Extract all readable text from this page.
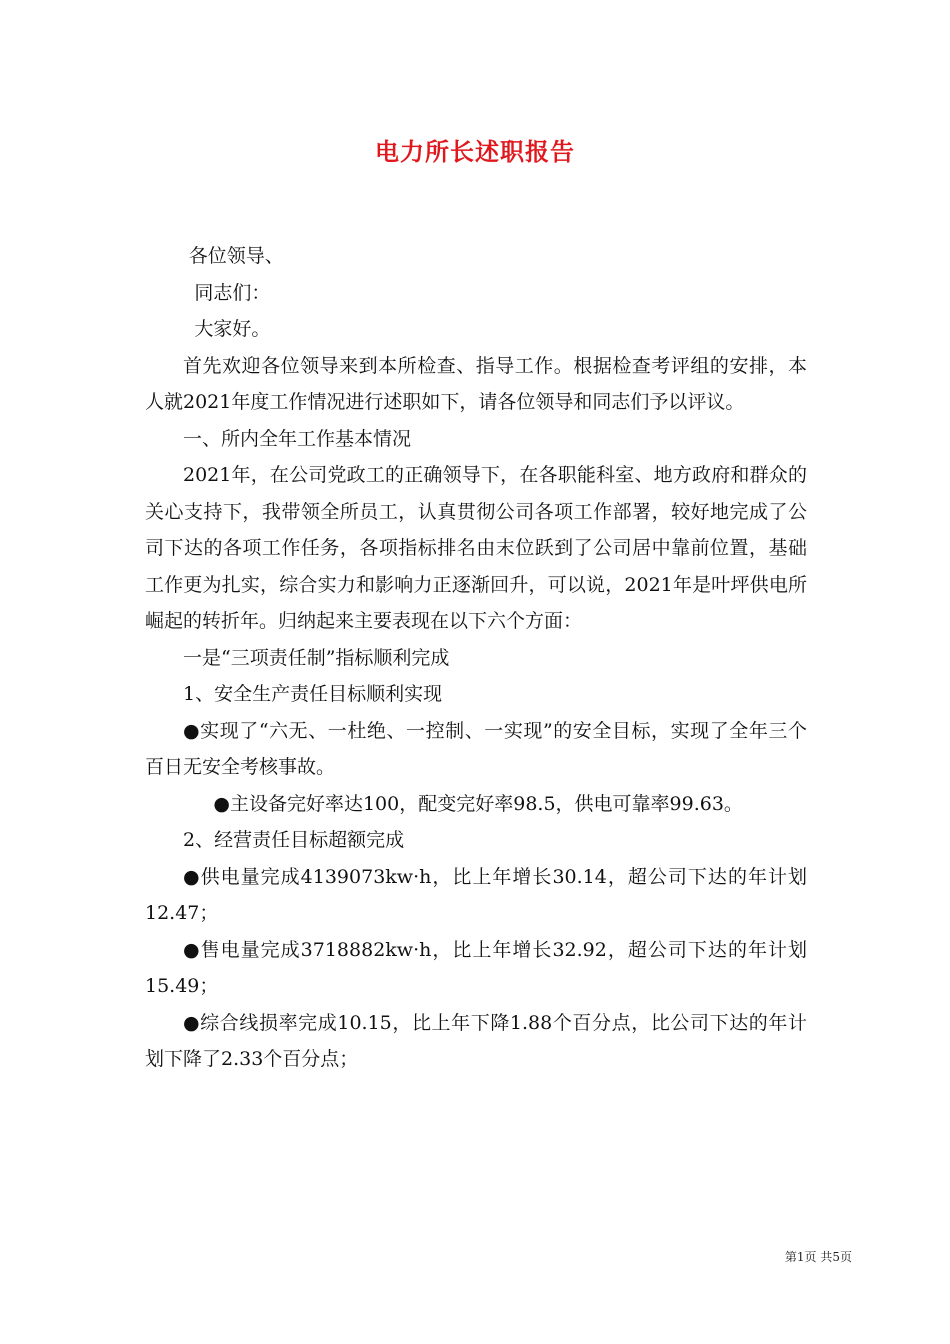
电力所长述职报告

各位领导、

同志们：

大家好。

首先欢迎各位领导来到本所检查、指导工作。根据检查考评组的安排，本人就2021年度工作情况进行述职如下，请各位领导和同志们予以评议。

一、所内全年工作基本情况

2021年，在公司党政工的正确领导下，在各职能科室、地方政府和群众的关心支持下，我带领全所员工，认真贯彻公司各项工作部署，较好地完成了公司下达的各项工作任务，各项指标排名由末位跃到了公司居中靠前位置，基础工作更为扎实，综合实力和影响力正逐渐回升，可以说，2021年是叶坪供电所崛起的转折年。归纳起来主要表现在以下六个方面：

一是“三项责任制”指标顺利完成

1、安全生产责任目标顺利实现

●实现了“六无、一杜绝、一控制、一实现”的安全目标，实现了全年三个百日无安全考核事故。

●主设备完好率达100，配变完好率98.5，供电可靠率99.63。

2、经营责任目标超额完成

●供电量完成4139073kw·h，比上年增长30.14，超公司下达的年计划12.47；

●售电量完成3718882kw·h，比上年增长32.92，超公司下达的年计划15.49；

●综合线损率完成10.15，比上年下降1.88个百分点，比公司下达的年计划下降了2.33个百分点；

第1页 共5页
